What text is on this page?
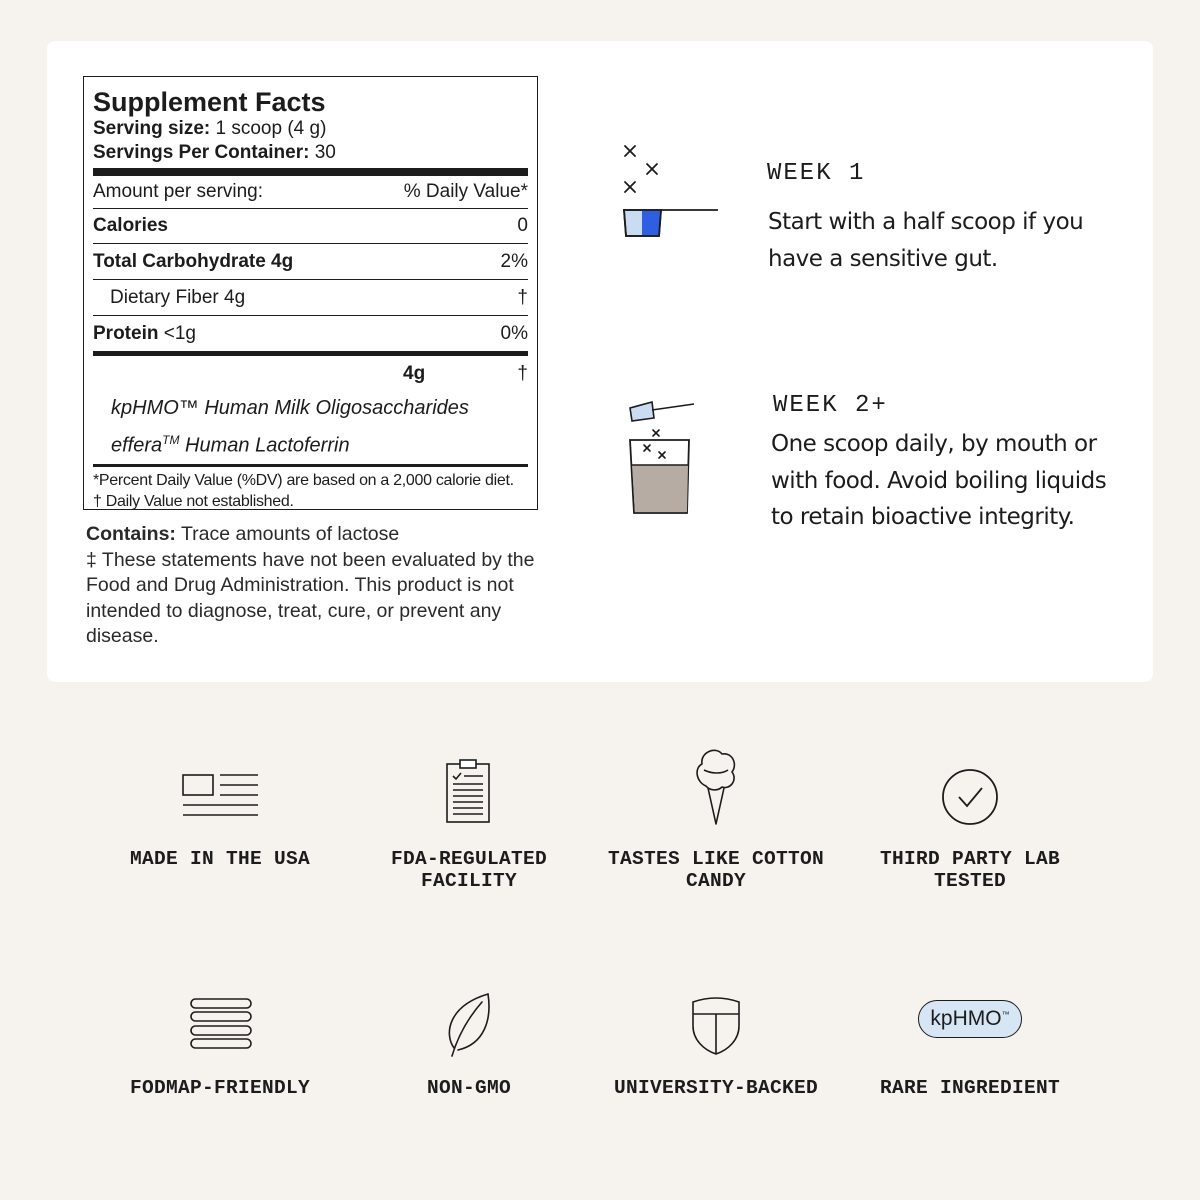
Supplement Facts
Serving size: 1 scoop (4 g)
Servings Per Container: 30
Amount per serving:	% Daily Value*
Calories	0
Total Carbohydrate 4g	2%
Dietary Fiber 4g	†
Protein <1g	0%
4g	†
kpHMO™ Human Milk Oligosaccharides
effera™ Human Lactoferrin
*Percent Daily Value (%DV) are based on a 2,000 calorie diet.
† Daily Value not established.
Contains: Trace amounts of lactose
‡ These statements have not been evaluated by the Food and Drug Administration. This product is not intended to diagnose, treat, cure, or prevent any disease.
WEEK 1
Start with a half scoop if you have a sensitive gut.
WEEK 2+
One scoop daily, by mouth or with food. Avoid boiling liquids to retain bioactive integrity.
MADE IN THE USA	FDA-REGULATED FACILITY
TASTES LIKE COTTON CANDY
THIRD PARTY LAB TESTED
FODMAP-FRIENDLY	NON-GMO	UNIVERSITY-BACKED
kpHMO ™
RARE INGREDIENT
